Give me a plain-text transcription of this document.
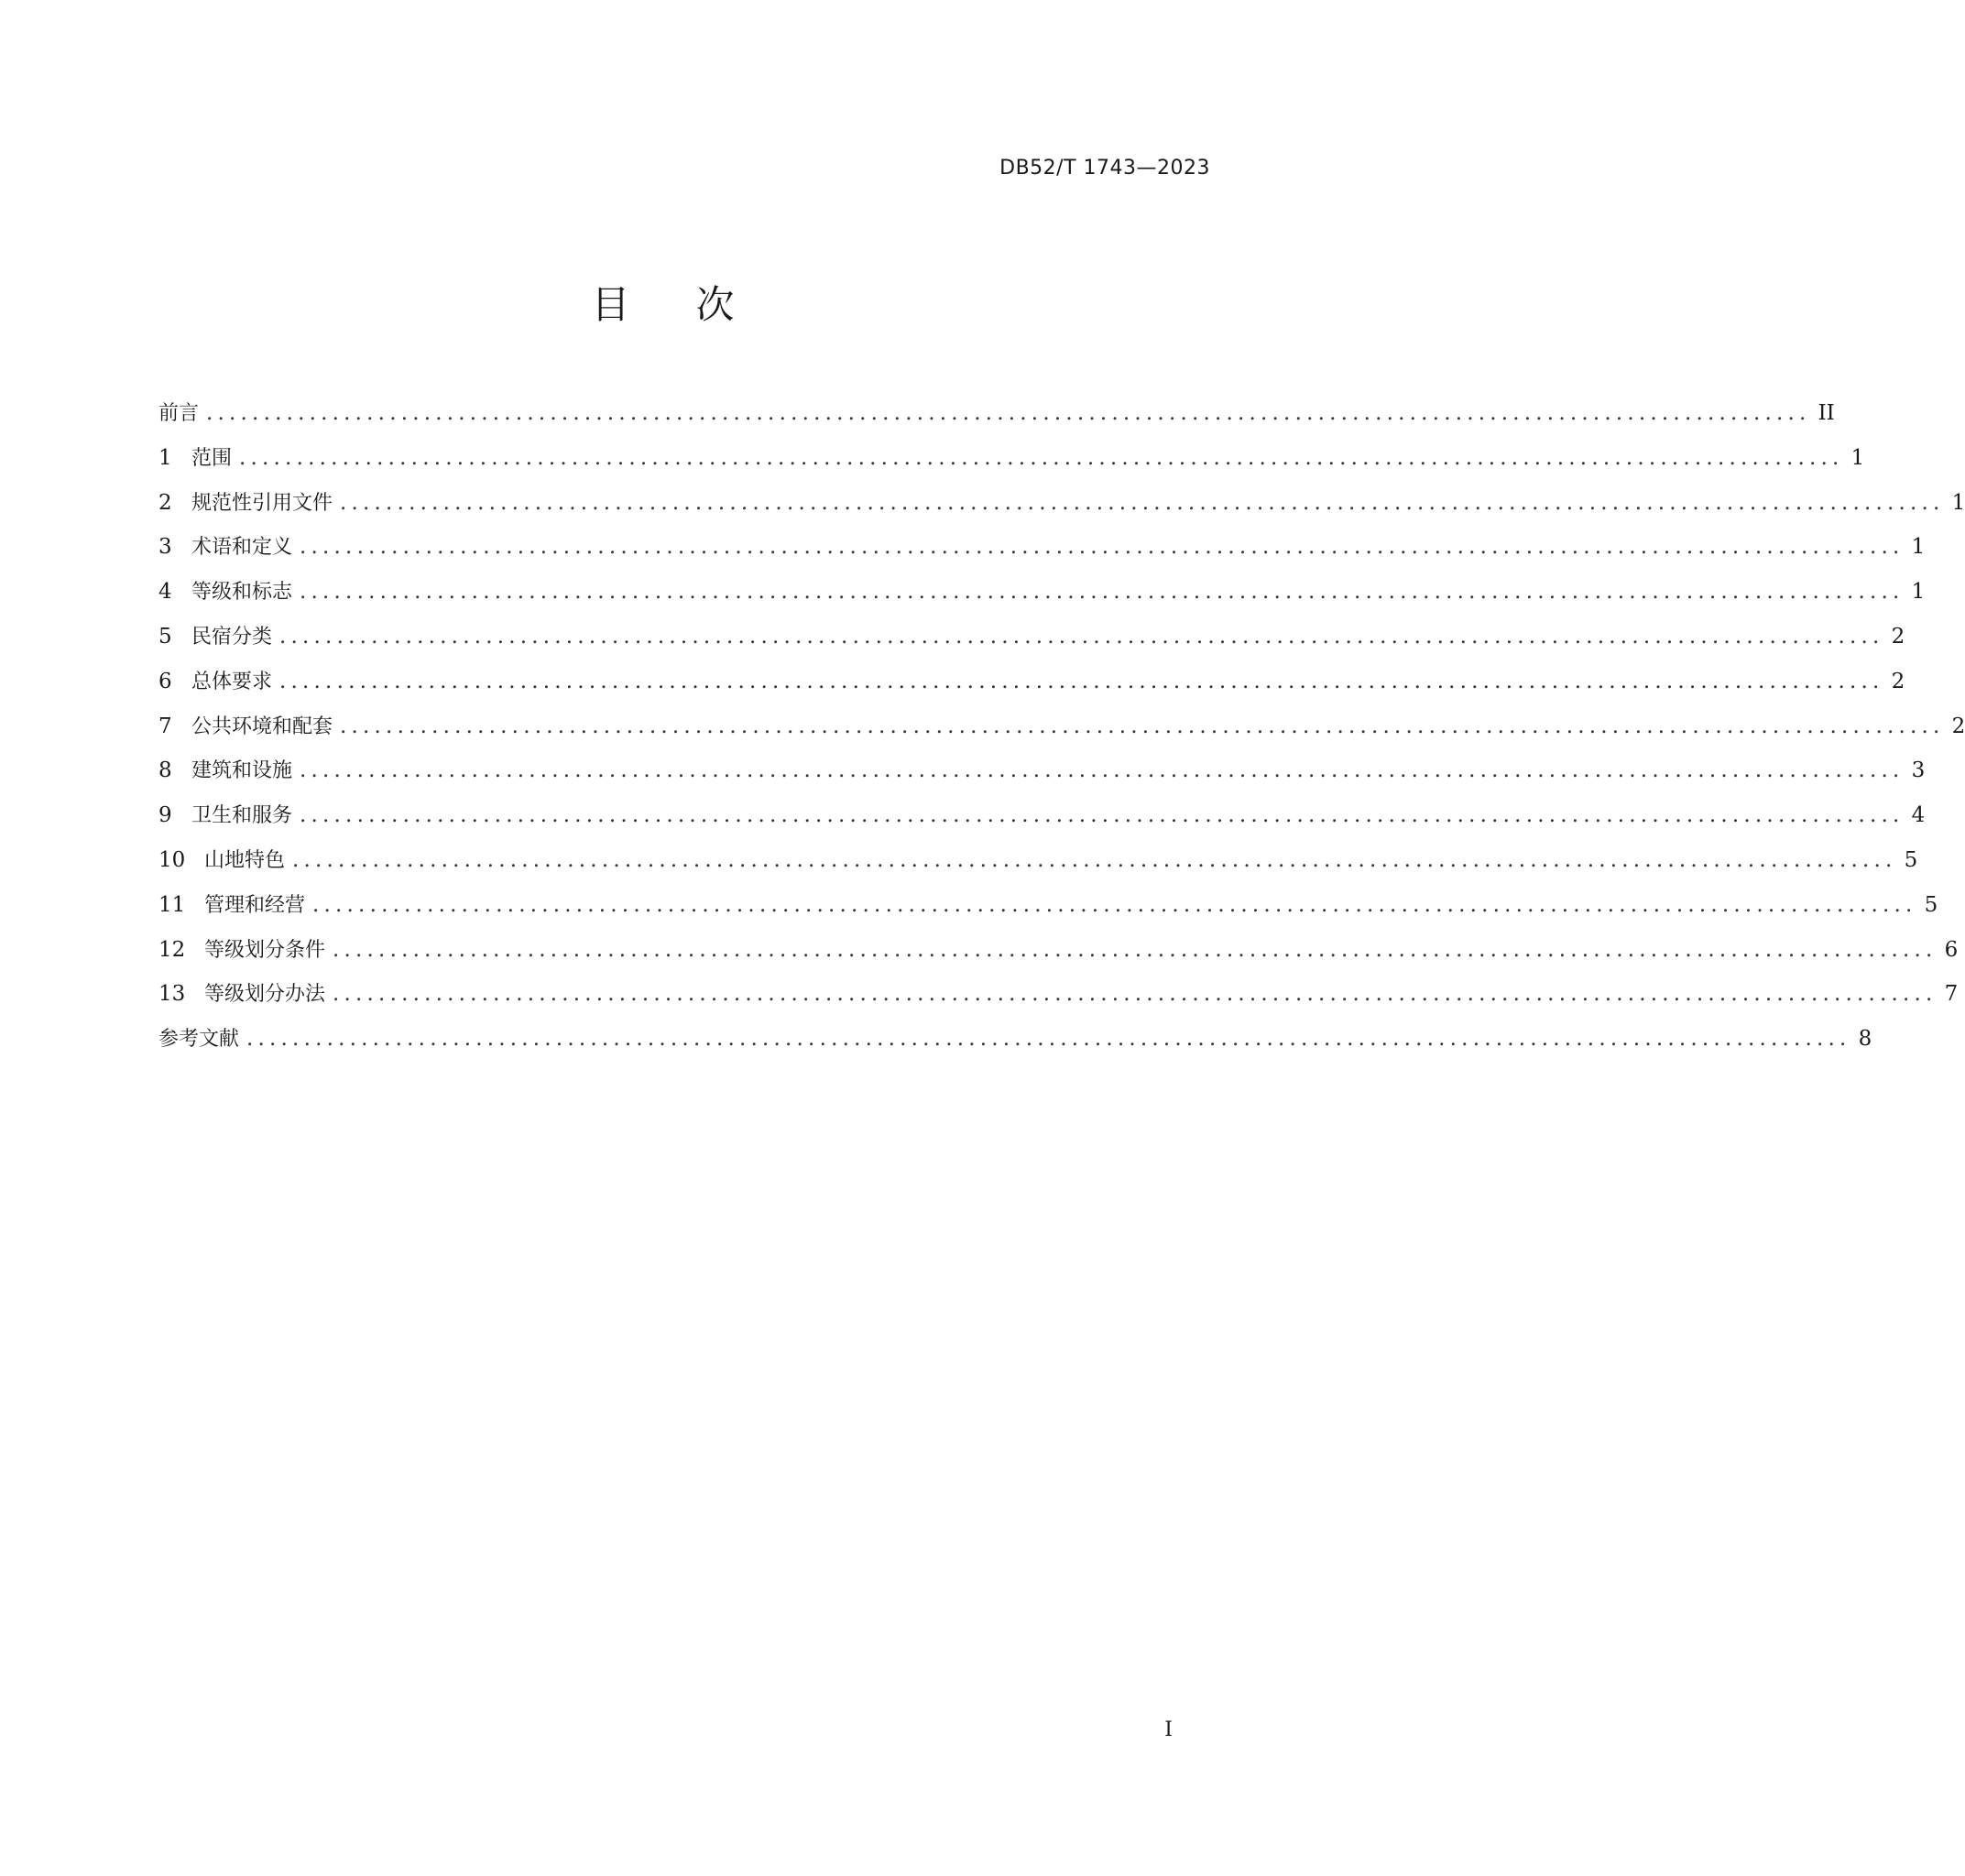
DB52/T 1743—2023
目次
前言 ............................................................................................................................................ II
1 范围 ............................................................................................................................................ 1
2 规范性引用文件 ............................................................................................................................................ 1
3 术语和定义 ............................................................................................................................................ 1
4 等级和标志 ............................................................................................................................................ 1
5 民宿分类 ............................................................................................................................................ 2
6 总体要求 ............................................................................................................................................ 2
7 公共环境和配套 ............................................................................................................................................ 2
8 建筑和设施 ............................................................................................................................................ 3
9 卫生和服务 ............................................................................................................................................ 4
10 山地特色 ............................................................................................................................................ 5
11 管理和经营 ............................................................................................................................................ 5
12 等级划分条件 ............................................................................................................................................ 6
13 等级划分办法 ............................................................................................................................................ 7
参考文献 ............................................................................................................................................ 8
I
